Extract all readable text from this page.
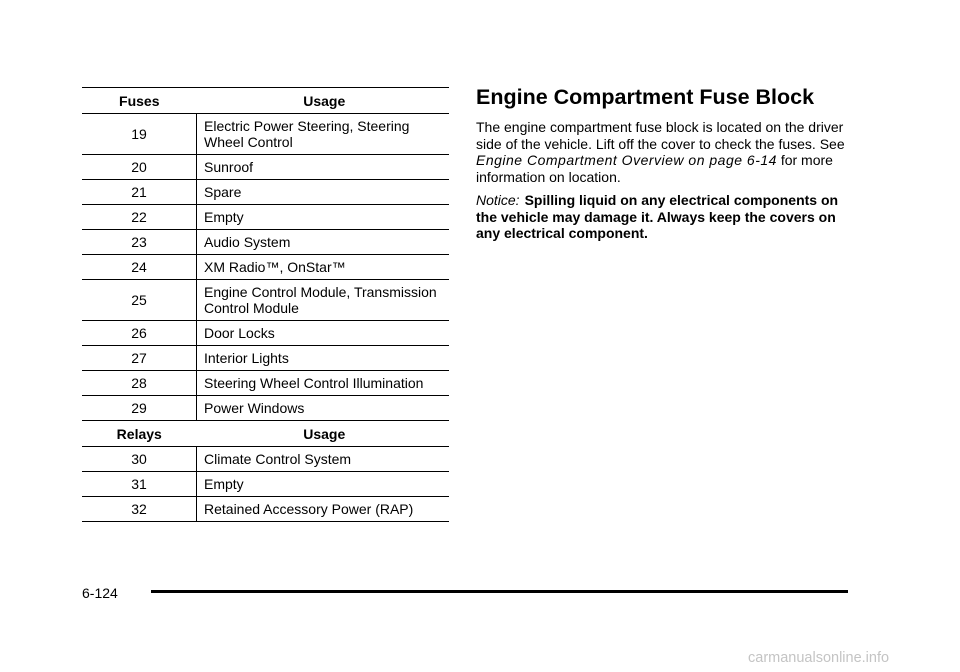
Fuses	Usage
19	Electric Power Steering, Steering Wheel Control
20	Sunroof
21	Spare
22	Empty
23	Audio System
24	XM Radio™, OnStar™
25	Engine Control Module, Transmission Control Module
26	Door Locks
27	Interior Lights
28	Steering Wheel Control Illumination
29	Power Windows
Relays	Usage
30	Climate Control System
31	Empty
32	Retained Accessory Power (RAP)
Engine Compartment Fuse Block

The engine compartment fuse block is located on the driver side of the vehicle. Lift off the cover to check the fuses. See Engine Compartment Overview on page 6-14 for more information on location.

Notice: Spilling liquid on any electrical components on the vehicle may damage it. Always keep the covers on any electrical component.

6-124
carmanualsonline.info
